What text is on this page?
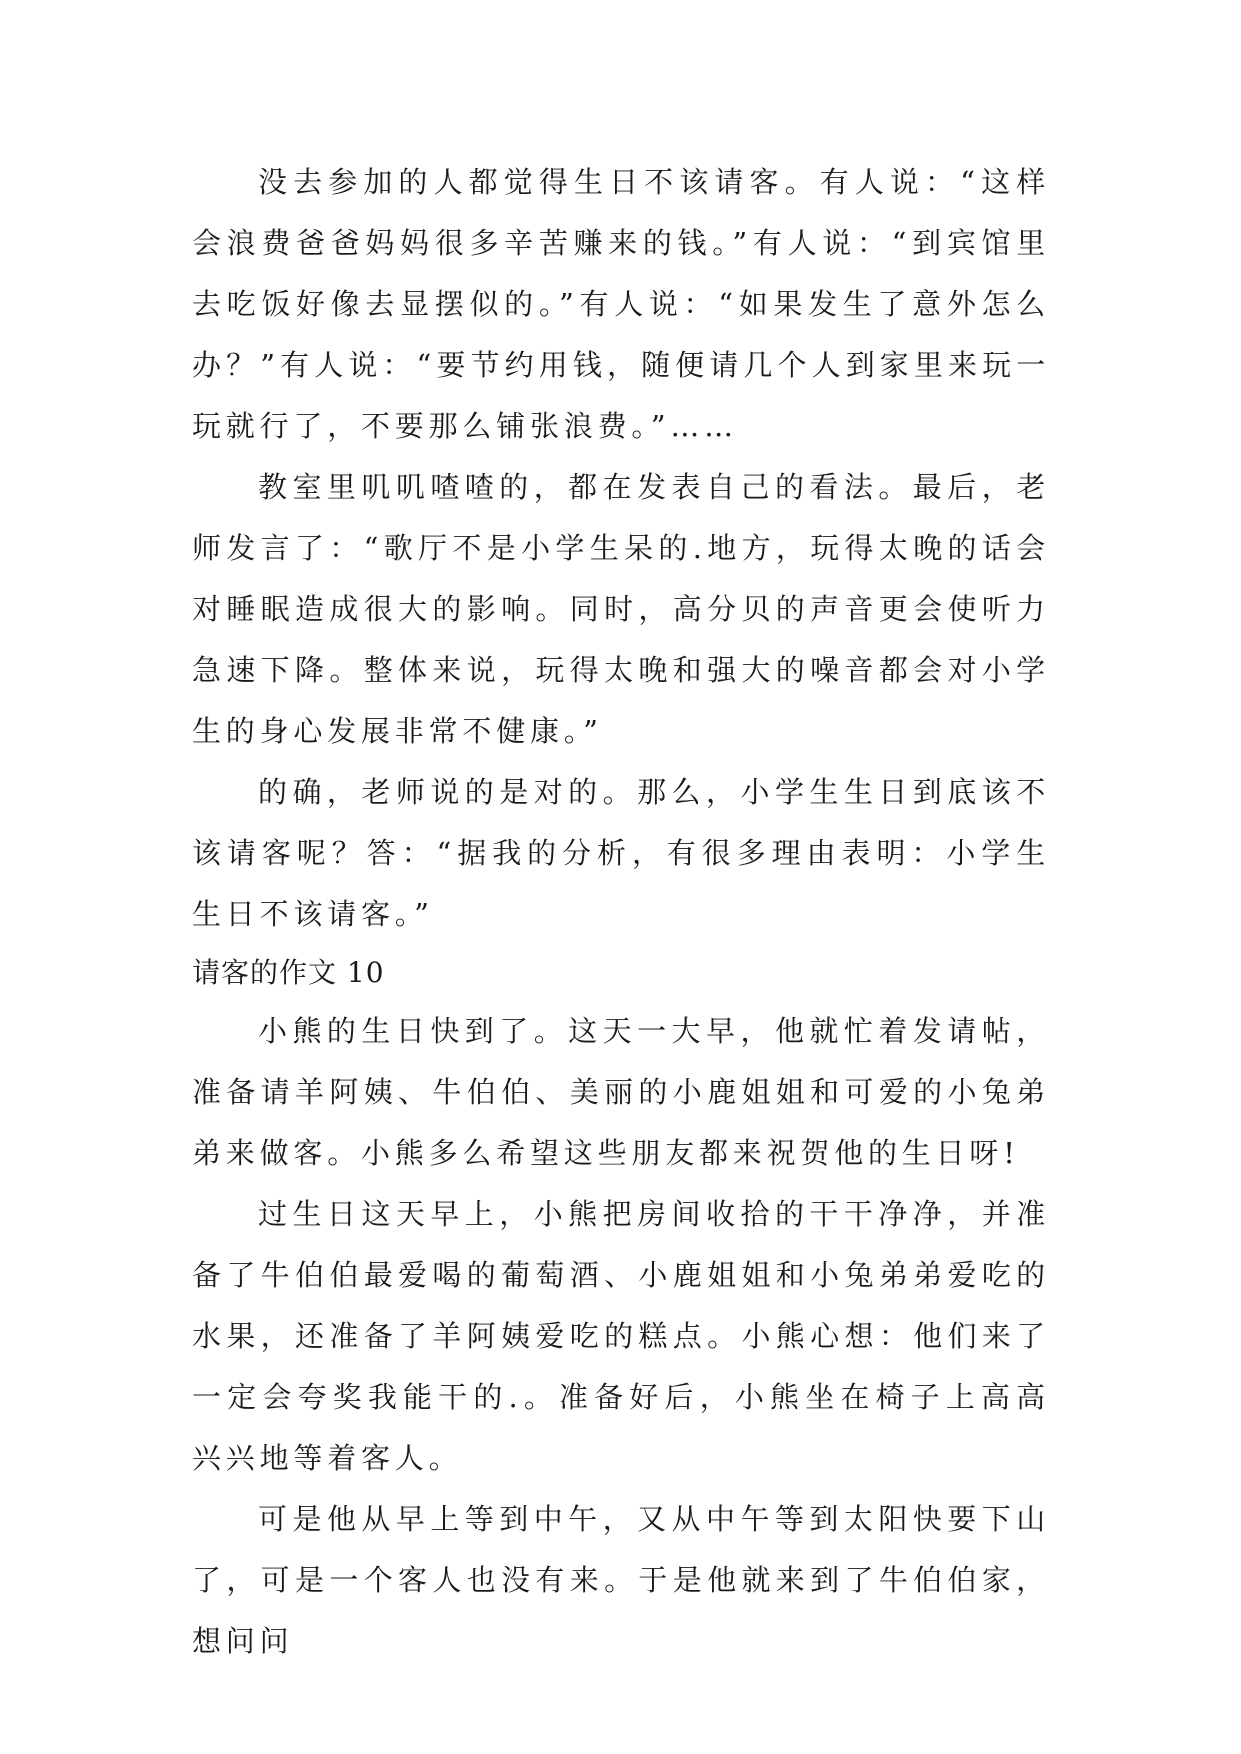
没去参加的人都觉得生日不该请客。有人说：“这样会浪费爸爸妈妈很多辛苦赚来的钱。”有人说：“到宾馆里去吃饭好像去显摆似的。”有人说：“如果发生了意外怎么办？”有人说：“要节约用钱，随便请几个人到家里来玩一玩就行了，不要那么铺张浪费。”……

教室里叽叽喳喳的，都在发表自己的看法。最后，老师发言了：“歌厅不是小学生呆的.地方，玩得太晚的话会对睡眠造成很大的影响。同时，高分贝的声音更会使听力急速下降。整体来说，玩得太晚和强大的噪音都会对小学生的身心发展非常不健康。”

的确，老师说的是对的。那么，小学生生日到底该不该请客呢？答：“据我的分析，有很多理由表明：小学生生日不该请客。”

请客的作文 10

小熊的生日快到了。这天一大早，他就忙着发请帖，准备请羊阿姨、牛伯伯、美丽的小鹿姐姐和可爱的小兔弟弟来做客。小熊多么希望这些朋友都来祝贺他的生日呀!

过生日这天早上，小熊把房间收拾的干干净净，并准备了牛伯伯最爱喝的葡萄酒、小鹿姐姐和小兔弟弟爱吃的水果，还准备了羊阿姨爱吃的糕点。小熊心想：他们来了一定会夸奖我能干的.。准备好后，小熊坐在椅子上高高兴兴地等着客人。

可是他从早上等到中午，又从中午等到太阳快要下山了，可是一个客人也没有来。于是他就来到了牛伯伯家，想问问
